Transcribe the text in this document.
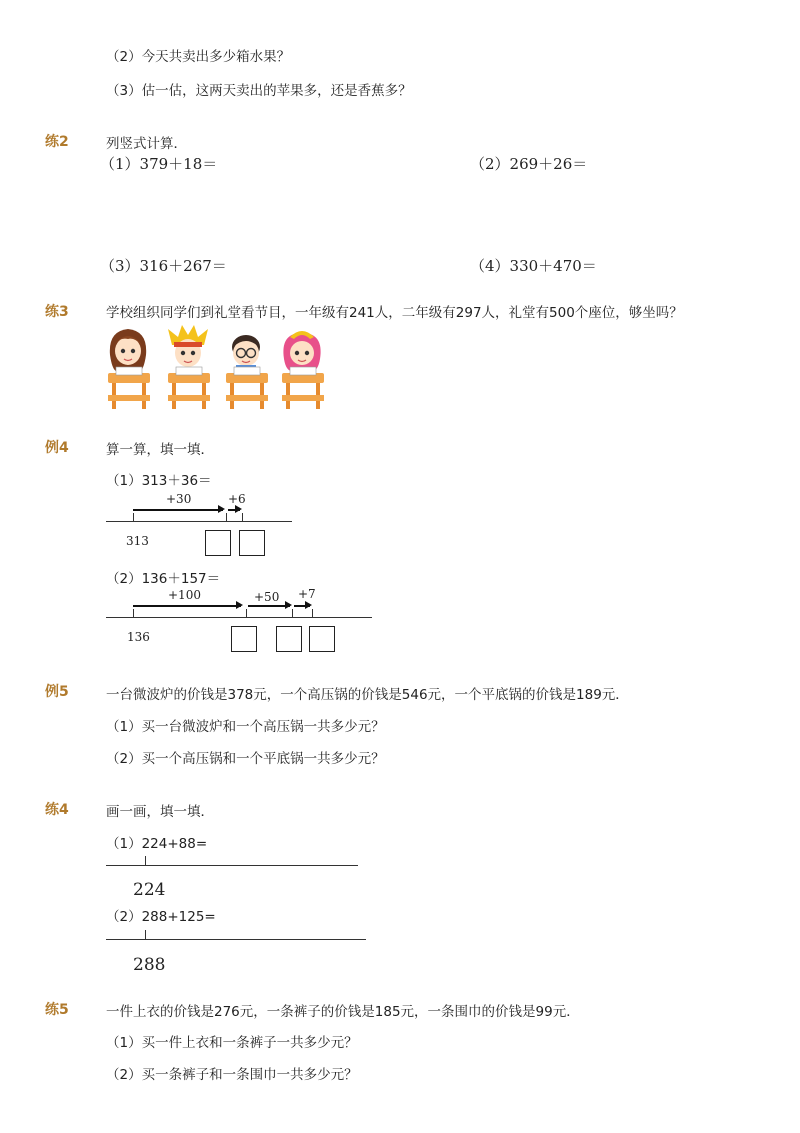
（2）今天共卖出多少箱水果？
（3）估一估，这两天卖出的苹果多，还是香蕉多？
练2	列竖式计算．
（1）379＋18＝	（2）269＋26＝
（3）316＋267＝	（4）330＋470＝
练3	学校组织同学们到礼堂看节目，一年级有241人，二年级有297人，礼堂有500个座位，够坐吗？
例4	算一算，填一填．
（1）313＋36＝
+30	+6
313
（2）136＋157＝
+100	+50 +7
136
例5	一台微波炉的价钱是378元，一个高压锅的价钱是546元，一个平底锅的价钱是189元．
（1）买一台微波炉和一个高压锅一共多少元？
（2）买一个高压锅和一个平底锅一共多少元？
练4	画一画，填一填．
（1）224+88=
224
（2）288+125=
288
练5	一件上衣的价钱是276元，一条裤子的价钱是185元，一条围巾的价钱是99元．
（1）买一件上衣和一条裤子一共多少元？
（2）买一条裤子和一条围巾一共多少元？
